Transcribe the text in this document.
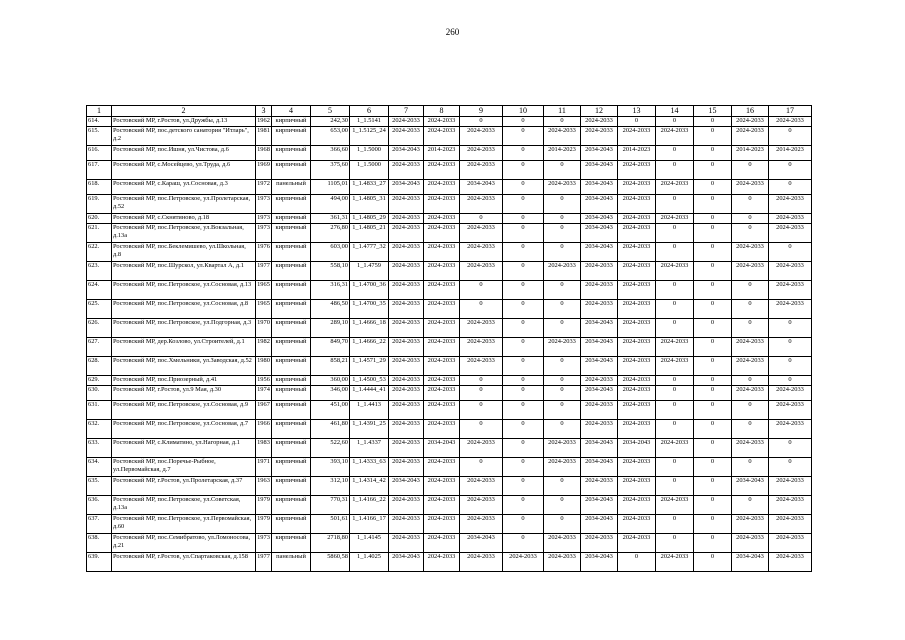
260
1	2	3	4	5	6	7	8	9	10	11	12	13	14	15	16	17
614.	Ростовский МР, г.Ростов, ул.Дружбы, д.13	1962	кирпичный	242,30	1_1.5141	2024-2033	2024-2033	0	0	0	2024-2033	0	0	0	2024-2033	2024-2033
615.	Ростовский МР, пос.детского санатория "Итларь", д.2	1981	кирпичный	653,00	1_1.5125_24	2024-2033	2024-2033	2024-2033	0	2024-2033	2024-2033	2024-2033	2024-2033	0	2024-2033	0
616.	Ростовский МР, пос.Ишня, ул.Чистова, д.6	1968	кирпичный	366,60	1_1.5000	2034-2043	2014-2023	2024-2033	0	2014-2023	2034-2043	2014-2023	0	0	2014-2023	2014-2023
617.	Ростовский МР, с.Мосейцево, ул.Труда, д.6	1969	кирпичный	375,60	1_1.5000	2024-2033	2024-2033	2024-2033	0	0	2034-2043	2024-2033	0	0	0	0
618.	Ростовский МР, с.Караш, ул.Сосновая, д.3	1972	панельный	1105,01	1_1.4833_27	2034-2043	2024-2033	2034-2043	0	2024-2033	2034-2043	2024-2033	2024-2033	0	2024-2033	0
619.	Ростовский МР, пос.Петровское, ул.Пролетарская, д.52	1973	кирпичный	494,00	1_1.4805_31	2024-2033	2024-2033	2024-2033	0	0	2034-2043	2024-2033	0	0	0	2024-2033
620.	Ростовский МР, с.Скнятиново, д.18	1973	кирпичный	361,31	1_1.4805_29	2024-2033	2024-2033	0	0	0	2034-2043	2024-2033	2024-2033	0	0	2024-2033
621.	Ростовский МР, пос.Петровское, ул.Вокзальная, д.13а	1973	кирпичный	276,80	1_1.4805_21	2024-2033	2024-2033	2024-2033	0	0	2034-2043	2024-2033	0	0	0	2024-2033
622.	Ростовский МР, пос.Беклемишево, ул.Школьная, д.8	1976	кирпичный	603,00	1_1.4777_32	2024-2033	2024-2033	2024-2033	0	0	2034-2043	2024-2033	0	0	2024-2033	0
623.	Ростовский МР, пос.Шурскол, ул.Квартал А, д.1	1977	кирпичный	558,10	1_1.4759	2024-2033	2024-2033	2024-2033	0	2024-2033	2024-2033	2024-2033	2024-2033	0	2024-2033	2024-2033
624.	Ростовский МР, пос.Петровское, ул.Сосновая, д.13	1965	кирпичный	316,31	1_1.4700_36	2024-2033	2024-2033	0	0	0	2024-2033	2024-2033	0	0	0	2024-2033
625.	Ростовский МР, пос.Петровское, ул.Сосновая, д.8	1965	кирпичный	486,50	1_1.4700_35	2024-2033	2024-2033	0	0	0	2024-2033	2024-2033	0	0	0	2024-2033
626.	Ростовский МР, пос.Петровское, ул.Подгорная, д.3	1970	кирпичный	289,10	1_1.4666_18	2024-2033	2024-2033	2024-2033	0	0	2034-2043	2024-2033	0	0	0	0
627.	Ростовский МР, дер.Козлово, ул.Строителей, д.1	1982	кирпичный	849,70	1_1.4666_22	2024-2033	2024-2033	2024-2033	0	2024-2033	2034-2043	2024-2033	2024-2033	0	2024-2033	0
628.	Ростовский МР, пос.Хмельники, ул.Заводская, д.52	1980	кирпичный	858,21	1_1.4571_29	2024-2033	2024-2033	2024-2033	0	0	2034-2043	2024-2033	2024-2033	0	2024-2033	0
629.	Ростовский МР, пос.Приозерный, д.41	1956	кирпичный	360,00	1_1.4500_53	2024-2033	2024-2033	0	0	0	2024-2033	2024-2033	0	0	0	0
630.	Ростовский МР, г.Ростов, ул.9 Мая, д.30	1974	кирпичный	346,00	1_1.4444_41	2024-2033	2024-2033	0	0	0	2034-2043	2024-2033	0	0	2024-2033	2024-2033
631.	Ростовский МР, пос.Петровское, ул.Сосновая, д.9	1967	кирпичный	451,00	1_1.4413	2024-2033	2024-2033	0	0	0	2024-2033	2024-2033	0	0	0	2024-2033
632.	Ростовский МР, пос.Петровское, ул.Сосновая, д.7	1966	кирпичный	461,80	1_1.4391_25	2024-2033	2024-2033	0	0	0	2024-2033	2024-2033	0	0	0	2024-2033
633.	Ростовский МР, с.Климатино, ул.Нагорная, д.1	1983	кирпичный	522,60	1_1.4337	2024-2033	2034-2043	2024-2033	0	2024-2033	2034-2043	2034-2043	2024-2033	0	2024-2033	0
634.	Ростовский МР, пос.Поречье-Рыбное, ул.Первомайская, д.7	1971	кирпичный	393,10	1_1.4333_63	2024-2033	2024-2033	0	0	2024-2033	2034-2043	2024-2033	0	0	0	0
635.	Ростовский МР, г.Ростов, ул.Пролетарская, д.37	1963	кирпичный	312,10	1_1.4314_42	2034-2043	2024-2033	2024-2033	0	0	2024-2033	2024-2033	0	0	2034-2043	2024-2033
636.	Ростовский МР, пос.Петровское, ул.Советская, д.13а	1979	кирпичный	770,31	1_1.4166_22	2024-2033	2024-2033	2024-2033	0	0	2034-2043	2024-2033	2024-2033	0	0	2024-2033
637.	Ростовский МР, пос.Петровское, ул.Первомайская, д.60	1979	кирпичный	501,61	1_1.4166_17	2024-2033	2024-2033	2024-2033	0	0	2034-2043	2024-2033	0	0	2024-2033	2024-2033
638.	Ростовский МР, пос.Семибратово, ул.Ломоносова, д.21	1973	кирпичный	2718,80	1_1.4145	2024-2033	2024-2033	2034-2043	0	2024-2033	2024-2033	2024-2033	0	0	2024-2033	2024-2033
639.	Ростовский МР, г.Ростов, ул.Спартаковская, д.158	1977	панельный	5860,58	1_1.4025	2034-2043	2024-2033	2024-2033	2024-2033	2024-2033	2034-2043	0	2024-2033	0	2034-2043	2024-2033
